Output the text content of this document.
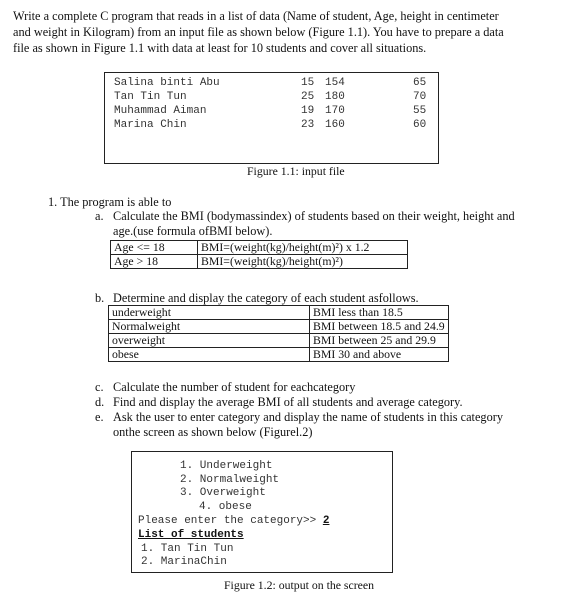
Write a complete C program that reads in a list of data (Name of student, Age, height in centimeter
and weight in Kilogram) from an input file as shown below (Figure 1.1). You have to prepare a data
file as shown in Figure 1.1 with data at least for 10 students and cover all situations.
Salina binti Abu	15 154	65
Tan Tin Tun	25 180	70
Muhammad Aiman	19 170	55
Marina Chin	23 160	60
Figure 1.1: input file
1. The program is able to
a. Calculate the BMI (bodymassindex) of students based on their weight, height and
age.(use formula ofBMI below).
Age <= 18	BMI=(weight(kg)/height(m)²) x 1.2
Age > 18	BMI=(weight(kg)/height(m)²)
b. Determine and display the category of each student asfollows.
underweight	BMI less than 18.5
Normalweight	BMI between 18.5 and 24.9
overweight	BMI between 25 and 29.9
obese	BMI 30 and above
c. Calculate the number of student for eachcategory
d. Find and display the average BMI of all students and average category.
e. Ask the user to enter category and display the name of students in this category
onthe screen as shown below (Figurel.2)
1. Underweight
2. Normalweight
3. Overweight
4. obese
Please enter the category>> 2
List of students
1. Tan Tin Tun
2. MarinaChin
Figure 1.2: output on the screen
